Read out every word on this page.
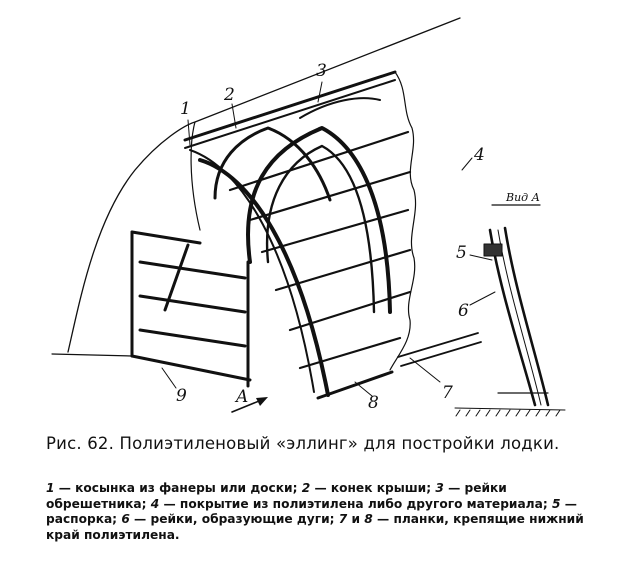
1
2
3
4
5
6
7
8
9	A
Вид А
Рис. 62. Полиэтиленовый «эллинг» для постройки лодки.
1 — косынка из фанеры или доски; 2 — конек крыши; 3 — рейки обрешетника; 4 — покрытие из полиэтилена либо другого материала; 5 — распорка; 6 — рейки, образующие дуги; 7 и 8 — планки, крепящие нижний край полиэтилена.
